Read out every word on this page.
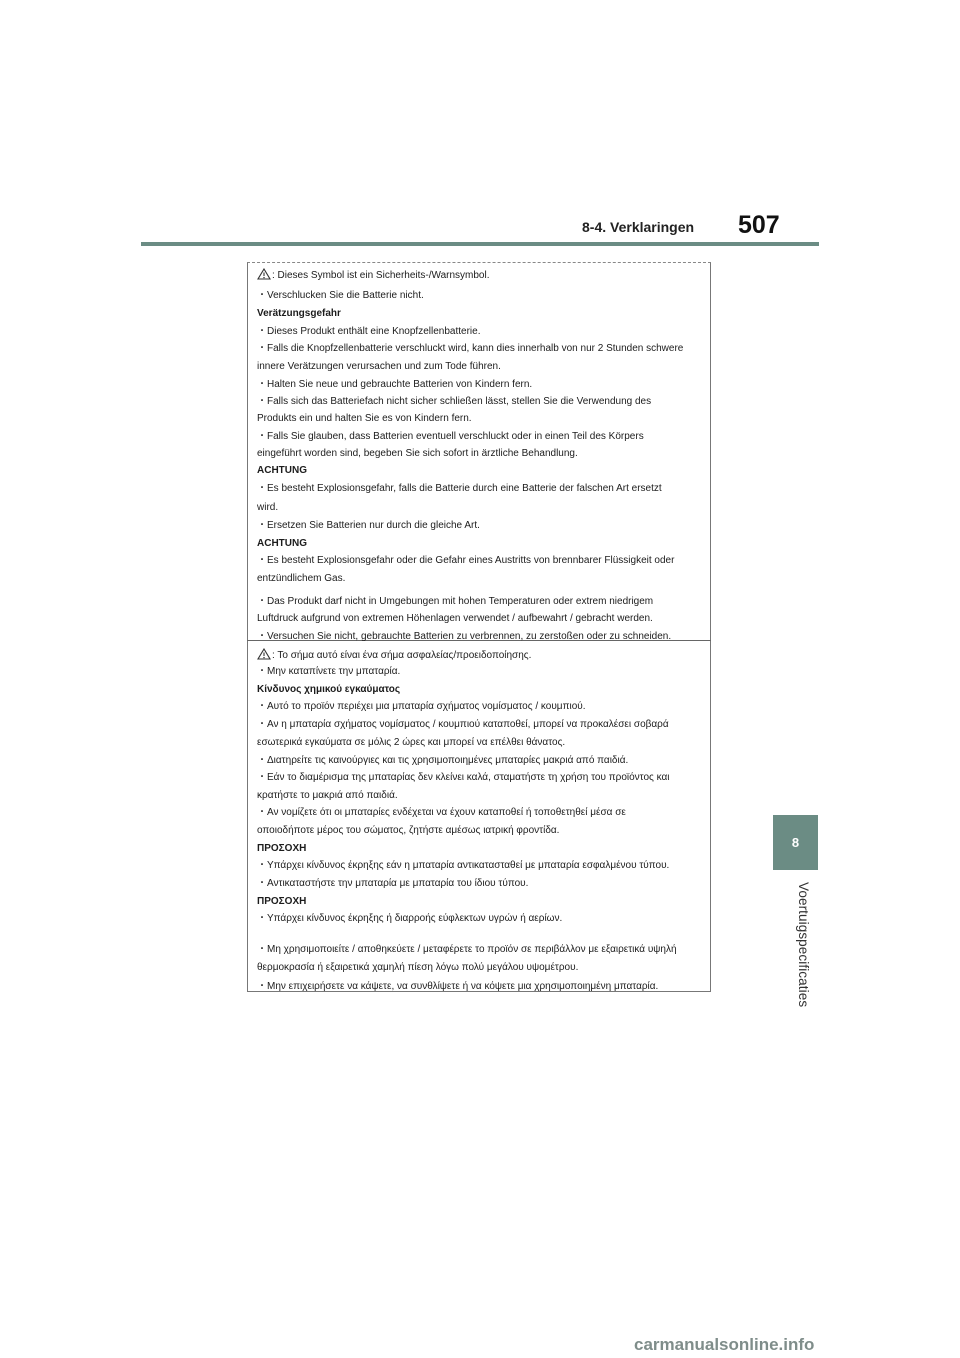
8-4. Verklaringen 507
8
Voertuigspecificaties
: Dieses Symbol ist ein Sicherheits-/Warnsymbol.
・Verschlucken Sie die Batterie nicht.
Verätzungsgefahr
・Dieses Produkt enthält eine Knopfzellenbatterie.
・Falls die Knopfzellenbatterie verschluckt wird, kann dies innerhalb von nur 2 Stunden schwere
innere Verätzungen verursachen und zum Tode führen.
・Halten Sie neue und gebrauchte Batterien von Kindern fern.
・Falls sich das Batteriefach nicht sicher schließen lässt, stellen Sie die Verwendung des
Produkts ein und halten Sie es von Kindern fern.
・Falls Sie glauben, dass Batterien eventuell verschluckt oder in einen Teil des Körpers
eingeführt worden sind, begeben Sie sich sofort in ärztliche Behandlung.
ACHTUNG
・Es besteht Explosionsgefahr, falls die Batterie durch eine Batterie der falschen Art ersetzt
wird.
・Ersetzen Sie Batterien nur durch die gleiche Art.
ACHTUNG
・Es besteht Explosionsgefahr oder die Gefahr eines Austritts von brennbarer Flüssigkeit oder
entzündlichem Gas.
・Das Produkt darf nicht in Umgebungen mit hohen Temperaturen oder extrem niedrigem
Luftdruck aufgrund von extremen Höhenlagen verwendet / aufbewahrt / gebracht werden.
・Versuchen Sie nicht, gebrauchte Batterien zu verbrennen, zu zerstoßen oder zu schneiden.
: Το σήμα αυτό είναι ένα σήμα ασφαλείας/προειδοποίησης.
・Μην καταπίνετε την μπαταρία.
Κίνδυνος χημικού εγκαύματος
・Αυτό το προϊόν περιέχει μια μπαταρία σχήματος νομίσματος / κουμπιού.
・Αν η μπαταρία σχήματος νομίσματος / κουμπιού καταποθεί, μπορεί να προκαλέσει σοβαρά
εσωτερικά εγκαύματα σε μόλις 2 ώρες και μπορεί να επέλθει θάνατος.
・Διατηρείτε τις καινούργιες και τις χρησιμοποιημένες μπαταρίες μακριά από παιδιά.
・Εάν το διαμέρισμα της μπαταρίας δεν κλείνει καλά, σταματήστε τη χρήση του προϊόντος και
κρατήστε το μακριά από παιδιά.
・Αν νομίζετε ότι οι μπαταρίες ενδέχεται να έχουν καταποθεί ή τοποθετηθεί μέσα σε
οποιοδήποτε μέρος του σώματος, ζητήστε αμέσως ιατρική φροντίδα.
ΠΡΟΣΟΧΗ
・Υπάρχει κίνδυνος έκρηξης εάν η μπαταρία αντικατασταθεί με μπαταρία εσφαλμένου τύπου.
・Αντικαταστήστε την μπαταρία με μπαταρία του ίδιου τύπου.
ΠΡΟΣΟΧΗ
・Υπάρχει κίνδυνος έκρηξης ή διαρροής εύφλεκτων υγρών ή αερίων.
・Μη χρησιμοποιείτε / αποθηκεύετε / μεταφέρετε το προϊόν σε περιβάλλον με εξαιρετικά υψηλή
θερμοκρασία ή εξαιρετικά χαμηλή πίεση λόγω πολύ μεγάλου υψομέτρου.
・Μην επιχειρήσετε να κάψετε, να συνθλίψετε ή να κόψετε μια χρησιμοποιημένη μπαταρία.
carmanualsonline.info
